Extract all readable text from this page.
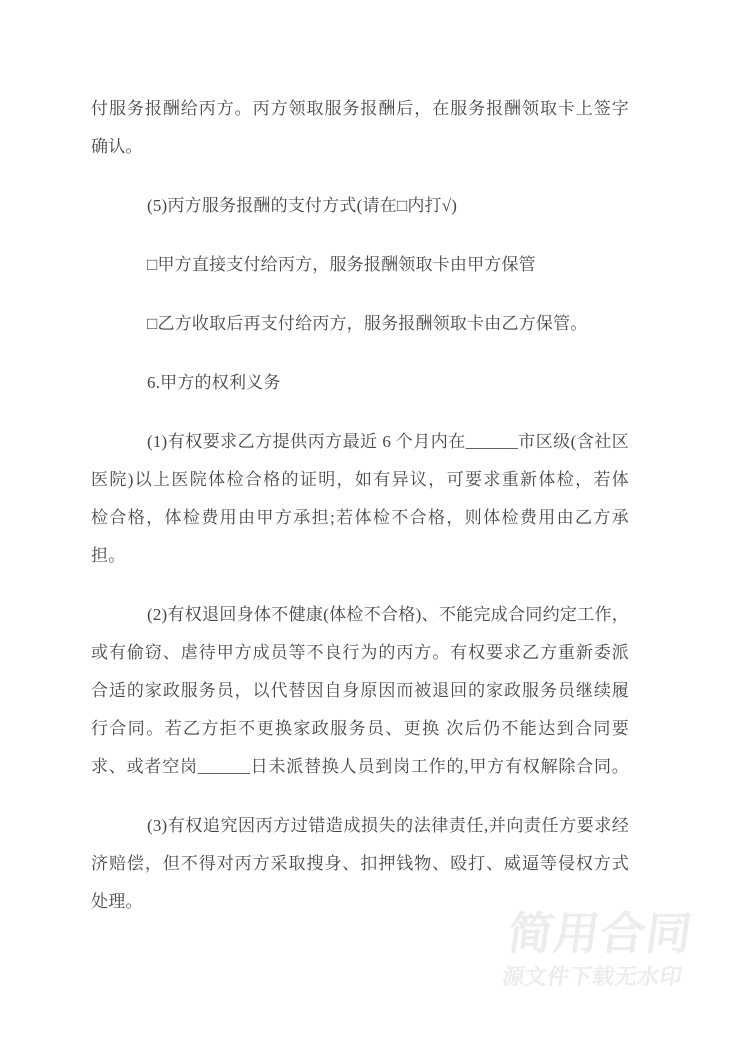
付服务报酬给丙方。丙方领取服务报酬后，在服务报酬领取卡上签字
确认。
(5)丙方服务报酬的支付方式(请在□内打√)
□甲方直接支付给丙方，服务报酬领取卡由甲方保管
□乙方收取后再支付给丙方，服务报酬领取卡由乙方保管。
6.甲方的权利义务
(1)有权要求乙方提供丙方最近 6 个月内在______市区级(含社区
医院)以上医院体检合格的证明，如有异议，可要求重新体检，若体
检合格，体检费用由甲方承担;若体检不合格，则体检费用由乙方承
担。
(2)有权退回身体不健康(体检不合格)、不能完成合同约定工作，
或有偷窃、虐待甲方成员等不良行为的丙方。有权要求乙方重新委派
合适的家政服务员，以代替因自身原因而被退回的家政服务员继续履
行合同。若乙方拒不更换家政服务员、更换 次后仍不能达到合同要
求、或者空岗______日未派替换人员到岗工作的,甲方有权解除合同。
(3)有权追究因丙方过错造成损失的法律责任,并向责任方要求经
济赔偿，但不得对丙方采取搜身、扣押钱物、殴打、威逼等侵权方式
处理。
简用合同
源文件下载无水印
